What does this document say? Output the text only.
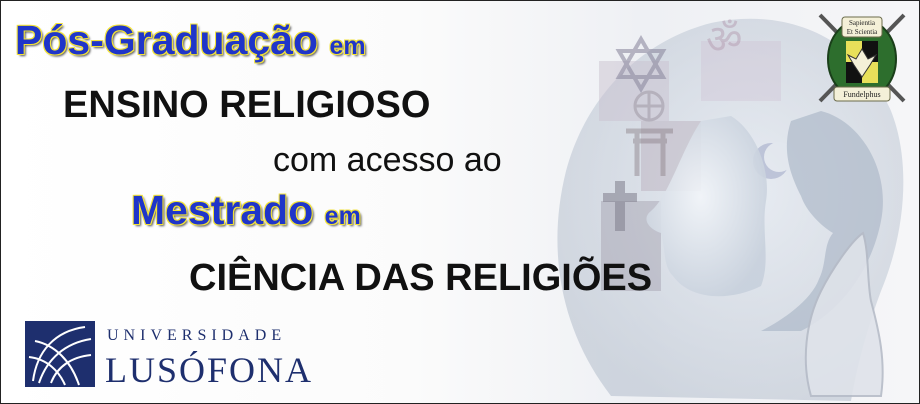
ॐ
Pós-Graduação em
ENSINO RELIGIOSO
com acesso ao
Mestrado em
CIÊNCIA DAS RELIGIÕES
UNIVERSIDADE
LUSÓFONA
Sapientia
Et Scientia
Fundelphus
